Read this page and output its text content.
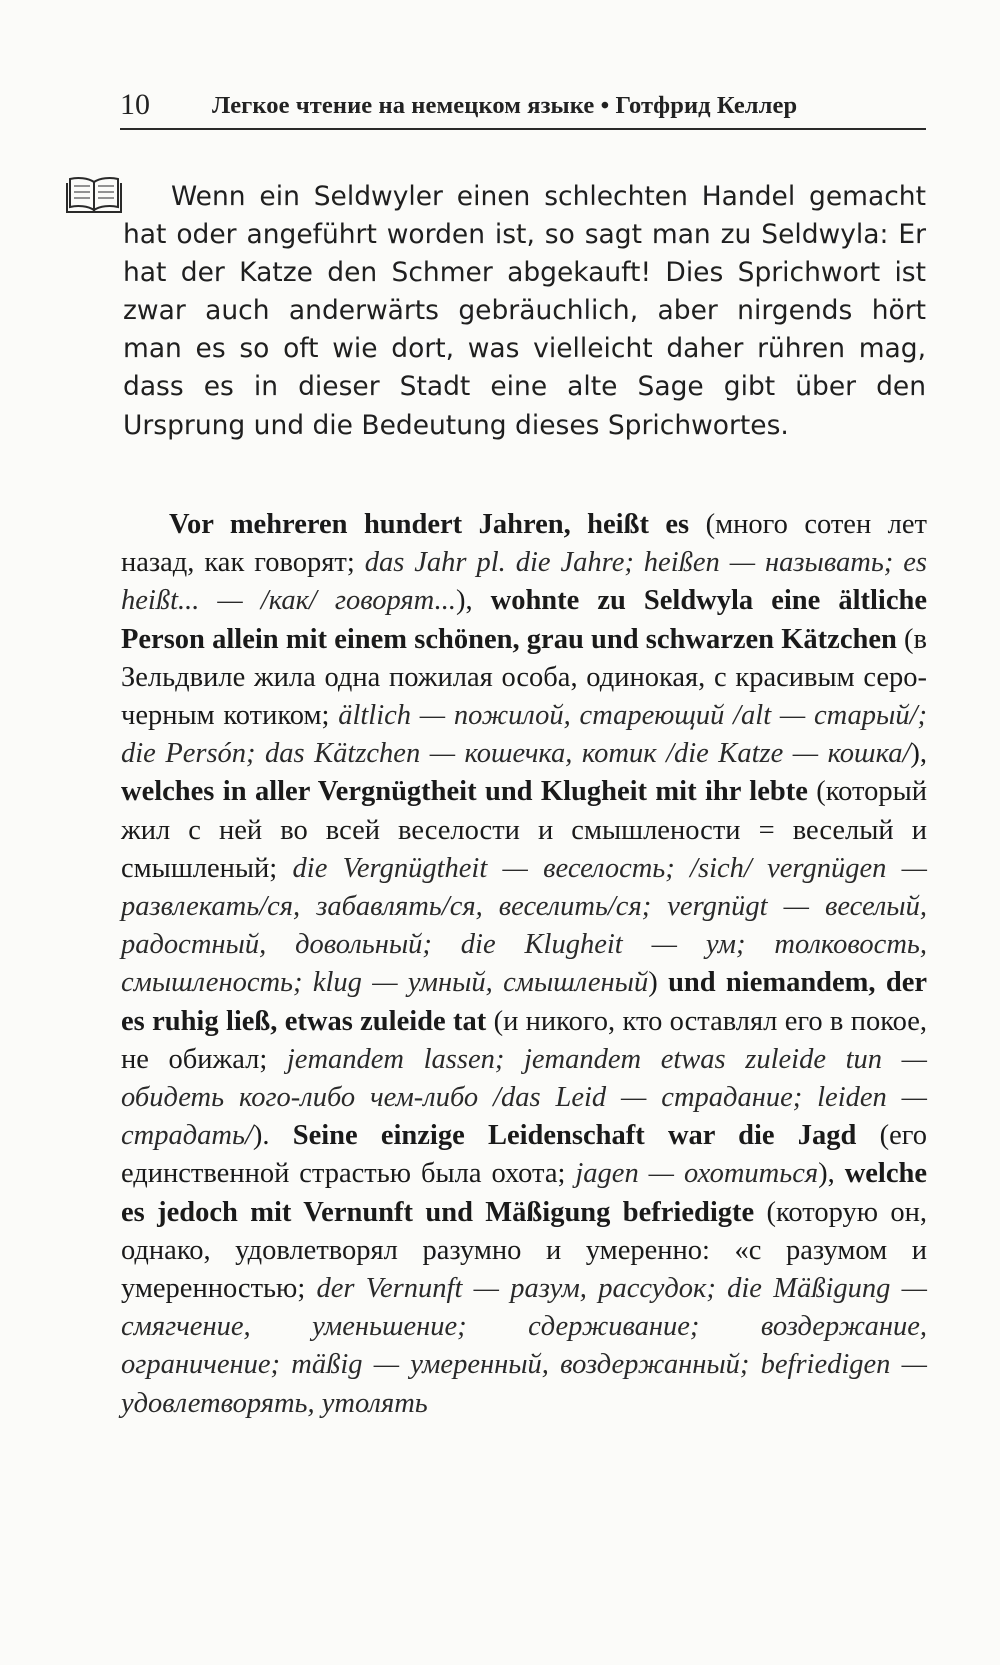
10	Легкое чтение на немецком языке • Готфрид Келлер

Wenn ein Seldwyler einen schlechten Handel gemacht hat oder angeführt worden ist, so sagt man zu Seldwyla: Er hat der Katze den Schmer abgekauft! Dies Sprichwort ist zwar auch anderwärts gebräuchlich, aber nirgends hört man es so oft wie dort, was vielleicht daher rühren mag, dass es in dieser Stadt eine alte Sage gibt über den Ursprung und die Bedeutung dieses Sprichwortes.

Vor mehreren hundert Jahren, heißt es (много сотен лет назад, как говорят; das Jahr pl. die Jahre; heißen — называть; es heißt... — /как/ говорят...), wohnte zu Seldwyla eine ältliche Person allein mit einem schönen, grau und schwarzen Kätzchen (в Зельдвиле жила одна пожилая особа, одинокая, с красивым серо-черным котиком; ältlich — пожилой, стареющий /alt — старый/; die Persón; das Kätzchen — кошечка, котик /die Katze — кошка/), welches in aller Vergnügtheit und Klugheit mit ihr lebte (который жил с ней во всей веселости и смышлености = веселый и смышленый; die Vergnügtheit — веселость; /sich/ vergnügen — развлекать/ся, забавлять/ся, веселить/ся; vergnügt — веселый, радостный, довольный; die Klugheit — ум; толковость, смышленость; klug — умный, смышленый) und niemandem, der es ruhig ließ, etwas zuleide tat (и никого, кто оставлял его в покое, не обижал; jemandem lassen; jemandem etwas zuleide tun — обидеть кого-либо чем-либо /das Leid — страдание; leiden — страдать/). Seine einzige Leidenschaft war die Jagd (его единственной страстью была охота; jagen — охотиться), welche es jedoch mit Vernunft und Mäßigung befriedigte (которую он, однако, удовлетворял разумно и умеренно: «с разумом и умеренностью; der Vernunft — разум, рассудок; die Mäßigung — смягчение, уменьшение; сдерживание; воздержание, ограничение; mäßig — умеренный, воздержанный; befriedigen — удовлетворять, утолять
